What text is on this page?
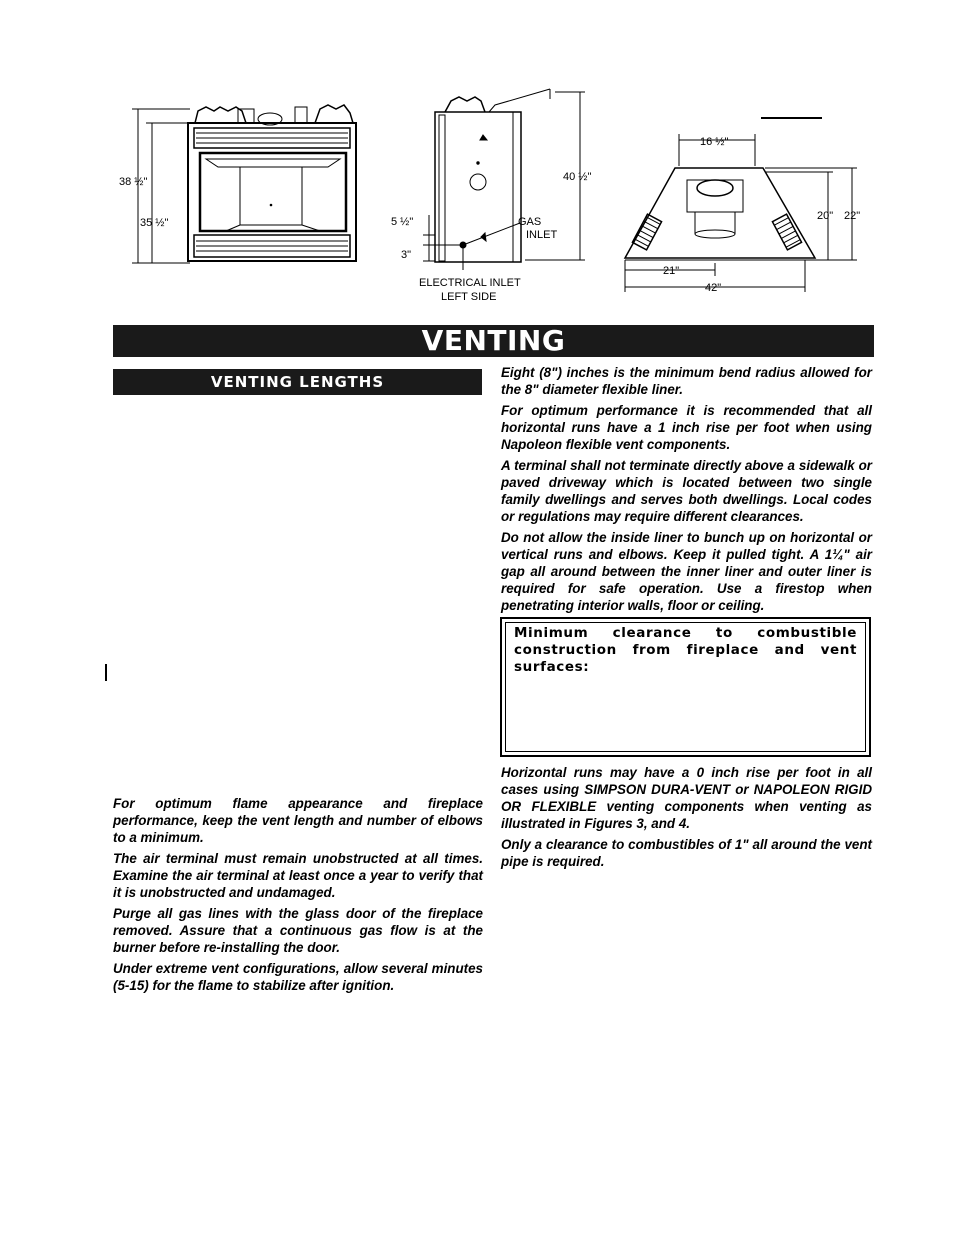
38 ½"
35 ½"
40 ½"
5 ½"
3"
GAS
INLET
ELECTRICAL INLET
LEFT SIDE
16 ½"
20" 22"
21"
42"
VENTING
VENTING LENGTHS

Eight (8") inches is the minimum bend radius allowed for the 8" diameter flexible liner.

For optimum performance it is recommended that all horizontal runs have a 1 inch rise per foot when using Napoleon flexible vent components.

A terminal shall not terminate directly above a sidewalk or paved driveway which is located between two single family dwellings and serves both dwellings. Local codes or regulations may require different clearances.

Do not allow the inside liner to bunch up on horizontal or vertical runs and elbows. Keep it pulled tight. A 1¼" air gap all around between the inner liner and outer liner is required for safe operation. Use a firestop when penetrating interior walls, floor or ceiling.

Minimum clearance to combustible construction from fireplace and vent surfaces:

Horizontal runs may have a 0 inch rise per foot in all cases using SIMPSON DURA-VENT or NAPOLEON RIGID OR FLEXIBLE venting components when venting as illustrated in Figures 3, and 4.

Only a clearance to combustibles of 1" all around the vent pipe is required.

For optimum flame appearance and fireplace performance, keep the vent length and number of elbows to a minimum.

The air terminal must remain unobstructed at all times. Examine the air terminal at least once a year to verify that it is unobstructed and undamaged.

Purge all gas lines with the glass door of the fireplace removed. Assure that a continuous gas flow is at the burner before re-installing the door.

Under extreme vent configurations, allow several minutes (5-15) for the flame to stabilize after ignition.
